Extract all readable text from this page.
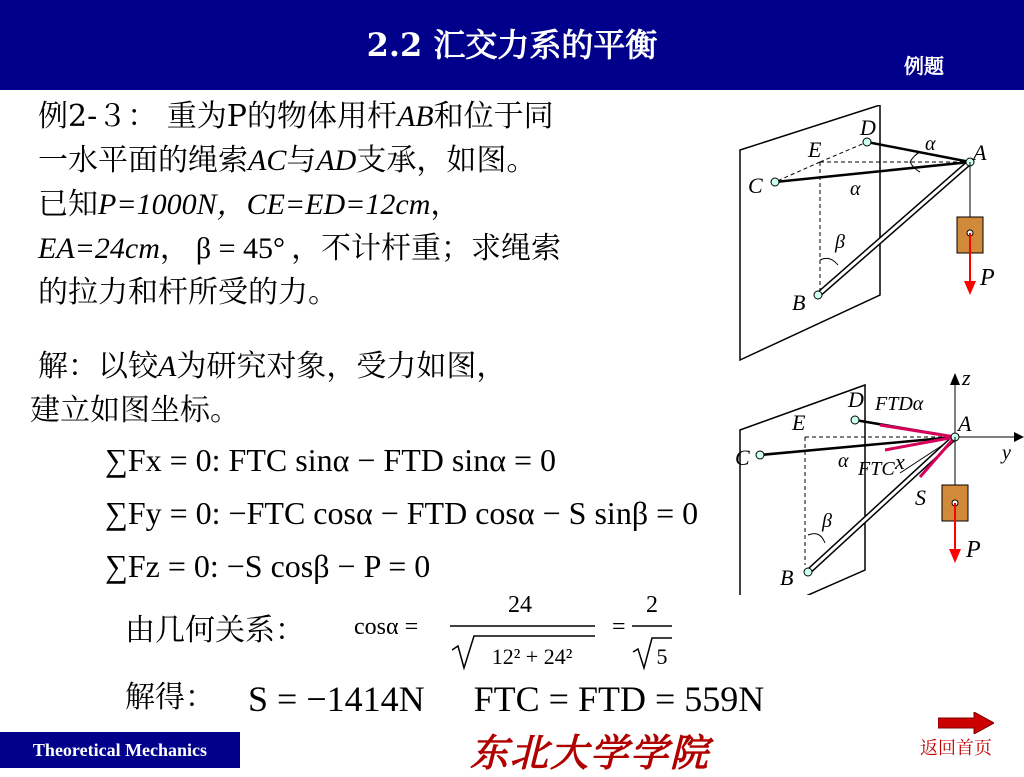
2.2 汇交力系的平衡
例题
例2-３： 重为P的物体用杆AB和位于同
一水平面的绳索AC与AD支承，如图。
已知P=1000N，CE=ED=12cm，
EA=24cm， β = 45° ，不计杆重；求绳索
的拉力和杆所受的力。

解：以铰A为研究对象，受力如图，

建立如图坐标。

∑Fx = 0: FTC sinα − FTD sinα = 0
∑Fy = 0: −FTC cosα − FTD cosα − S sinβ = 0
∑Fz = 0: −S cosβ − P = 0
由几何关系： cosα =
24
12² + 24²
=
2
5
解得： S = −1414N FTC = FTD = 559N
D
α
E	A
C	α
β
P
B
z
D FTDα
E	A
y
C	α FTC x
S
β
P
B
Theoretical Mechanics	东北大学学院	返回首页
